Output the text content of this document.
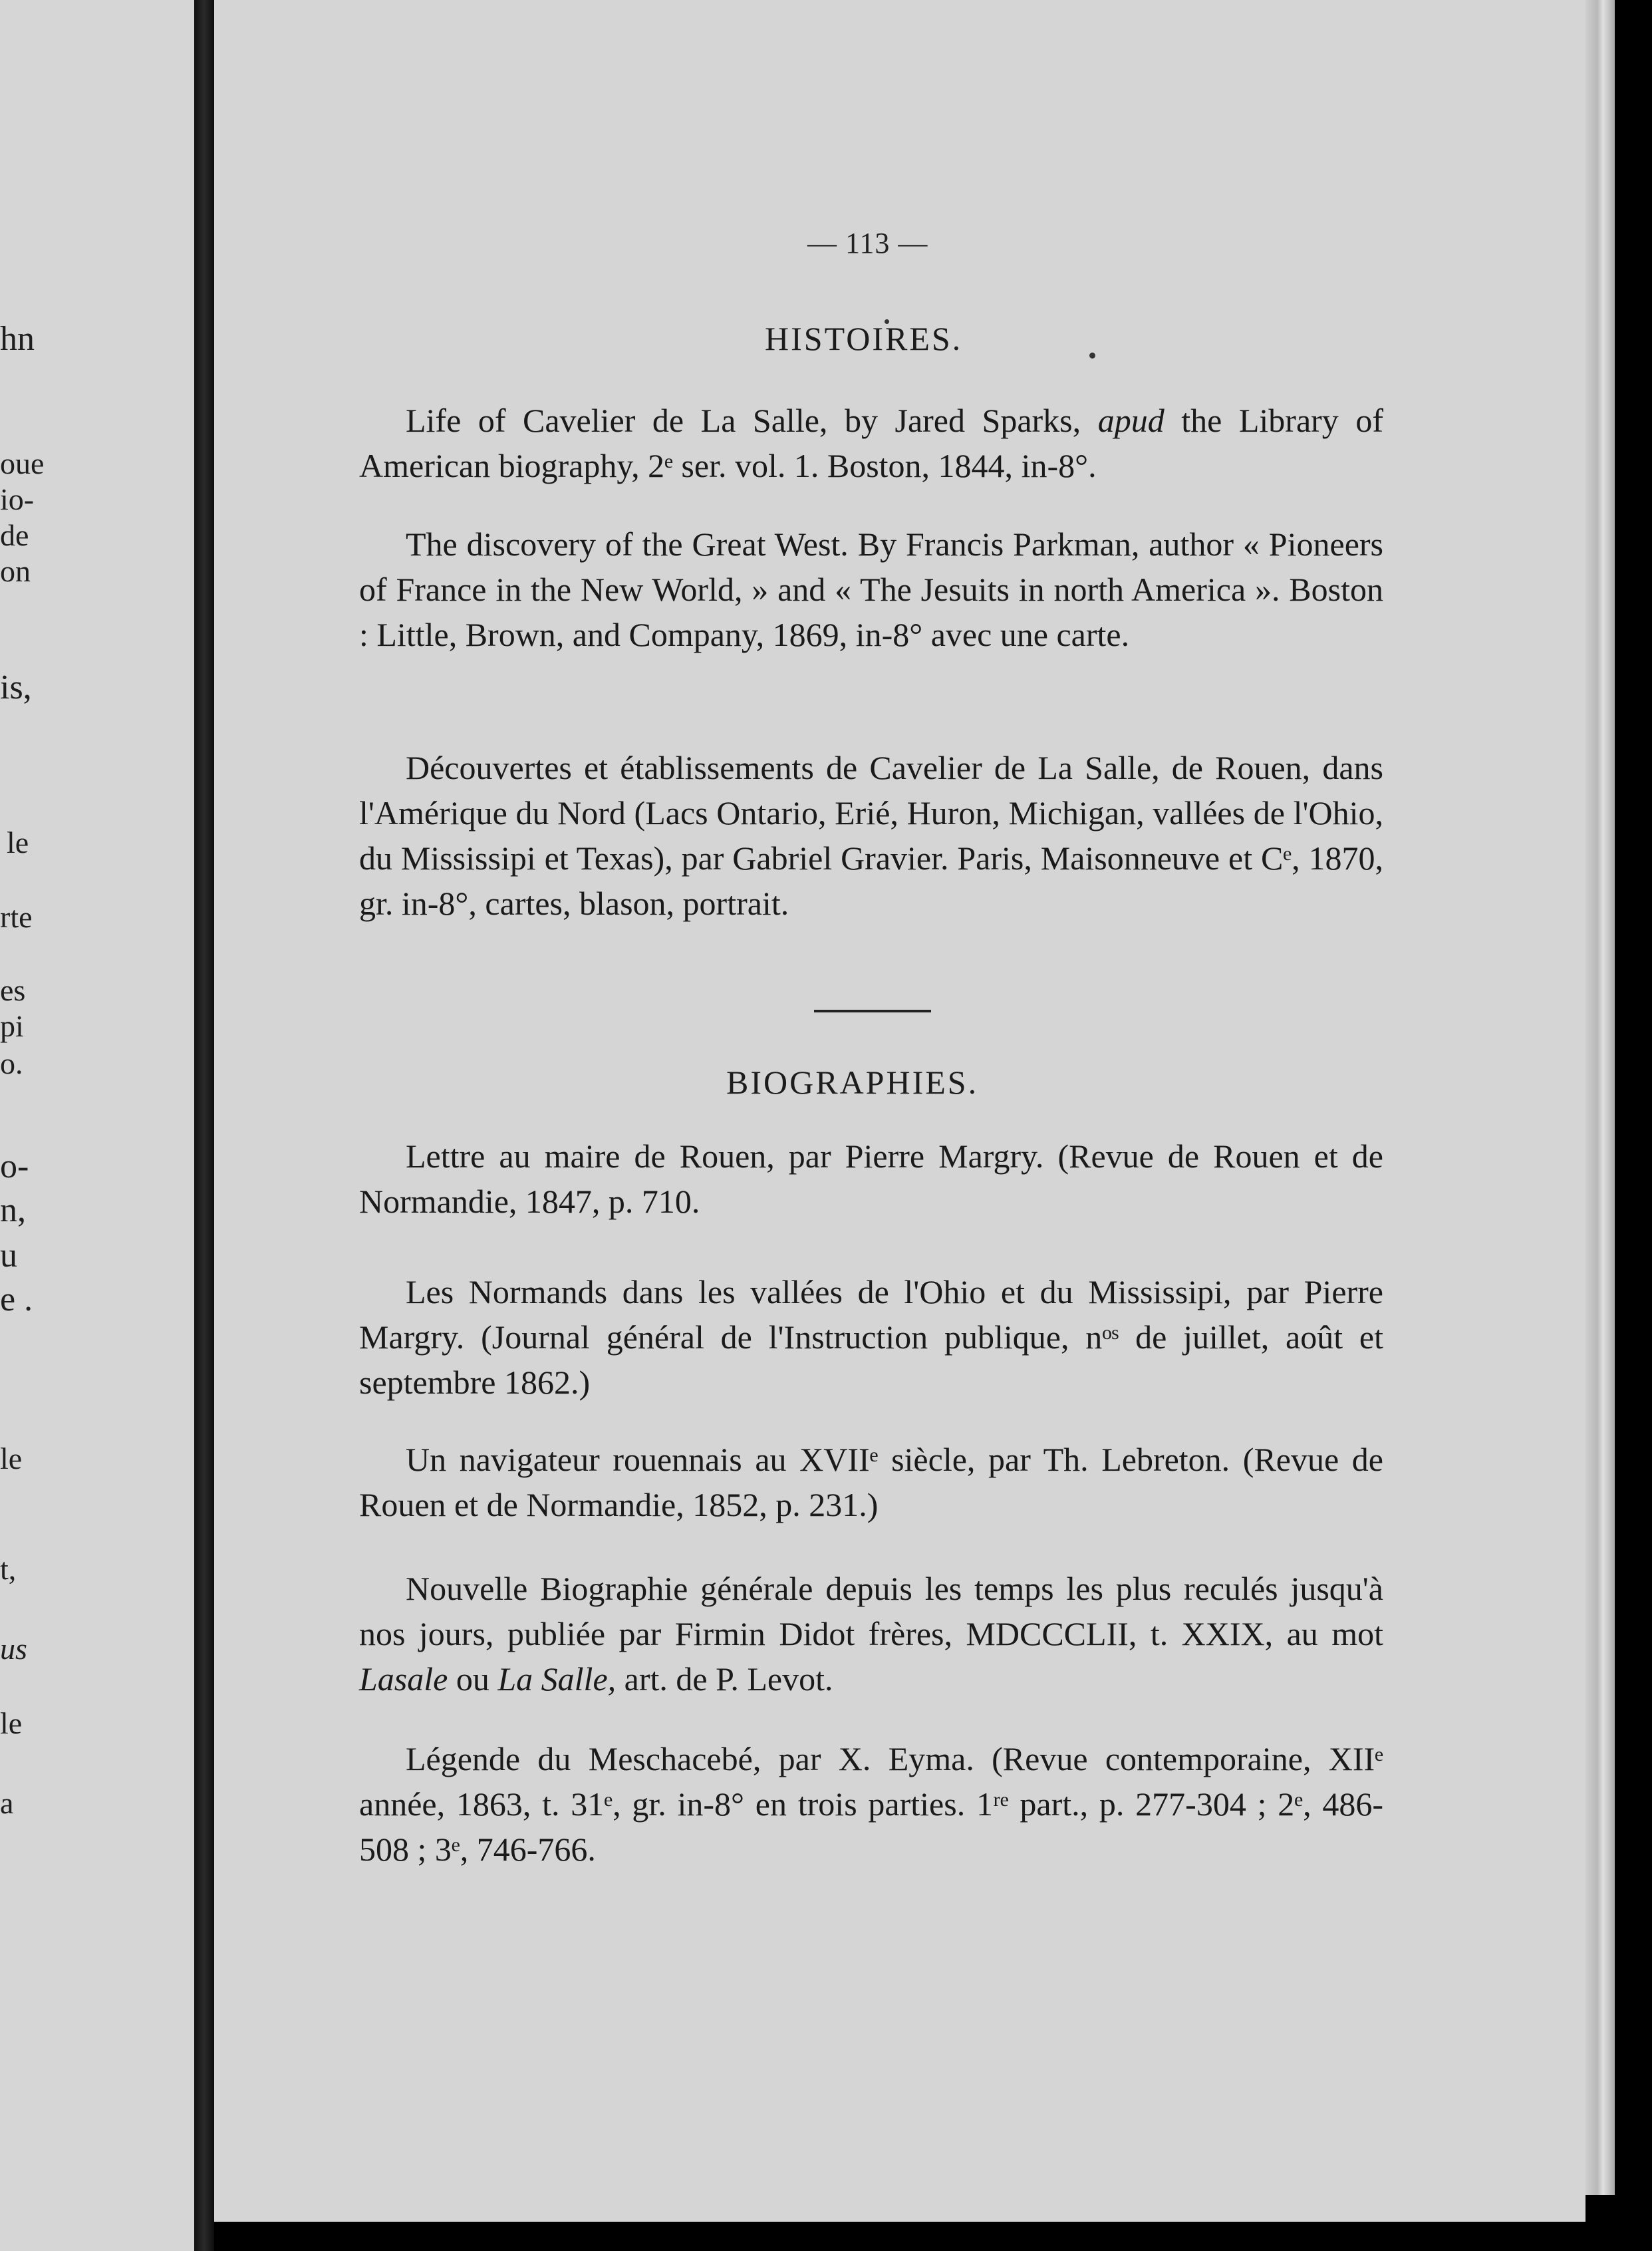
hn
oue
io-
de
on
is,
le
rte
es
pi
o.
o-
n,
u
e .
le
t,
us
le
a
— 113 —
HISTOIRES.
Life of Cavelier de La Salle, by Jared Sparks, apud the Library of American biography, 2ᵉ ser. vol. 1. Boston, 1844, in-8°.
The discovery of the Great West. By Francis Parkman, author « Pioneers of France in the New World, » and « The Jesuits in north America ». Boston : Little, Brown, and Company, 1869, in-8° avec une carte.
Découvertes et établissements de Cavelier de La Salle, de Rouen, dans l'Amérique du Nord (Lacs Ontario, Erié, Huron, Michigan, vallées de l'Ohio, du Mississipi et Texas), par Gabriel Gravier. Paris, Maisonneuve et Cᵉ, 1870, gr. in-8°, cartes, blason, portrait.
BIOGRAPHIES.
Lettre au maire de Rouen, par Pierre Margry. (Revue de Rouen et de Normandie, 1847, p. 710.
Les Normands dans les vallées de l'Ohio et du Mississipi, par Pierre Margry. (Journal général de l'Instruction publique, nᵒˢ de juillet, août et septembre 1862.)
Un navigateur rouennais au XVIIᵉ siècle, par Th. Lebreton. (Revue de Rouen et de Normandie, 1852, p. 231.)
Nouvelle Biographie générale depuis les temps les plus reculés jusqu'à nos jours, publiée par Firmin Didot frères, MDCCCLII, t. XXIX, au mot Lasale ou La Salle, art. de P. Levot.
Légende du Meschacebé, par X. Eyma. (Revue contemporaine, XIIᵉ année, 1863, t. 31ᵉ, gr. in-8° en trois parties. 1ʳᵉ part., p. 277-304 ; 2ᵉ, 486-508 ; 3ᵉ, 746-766.
